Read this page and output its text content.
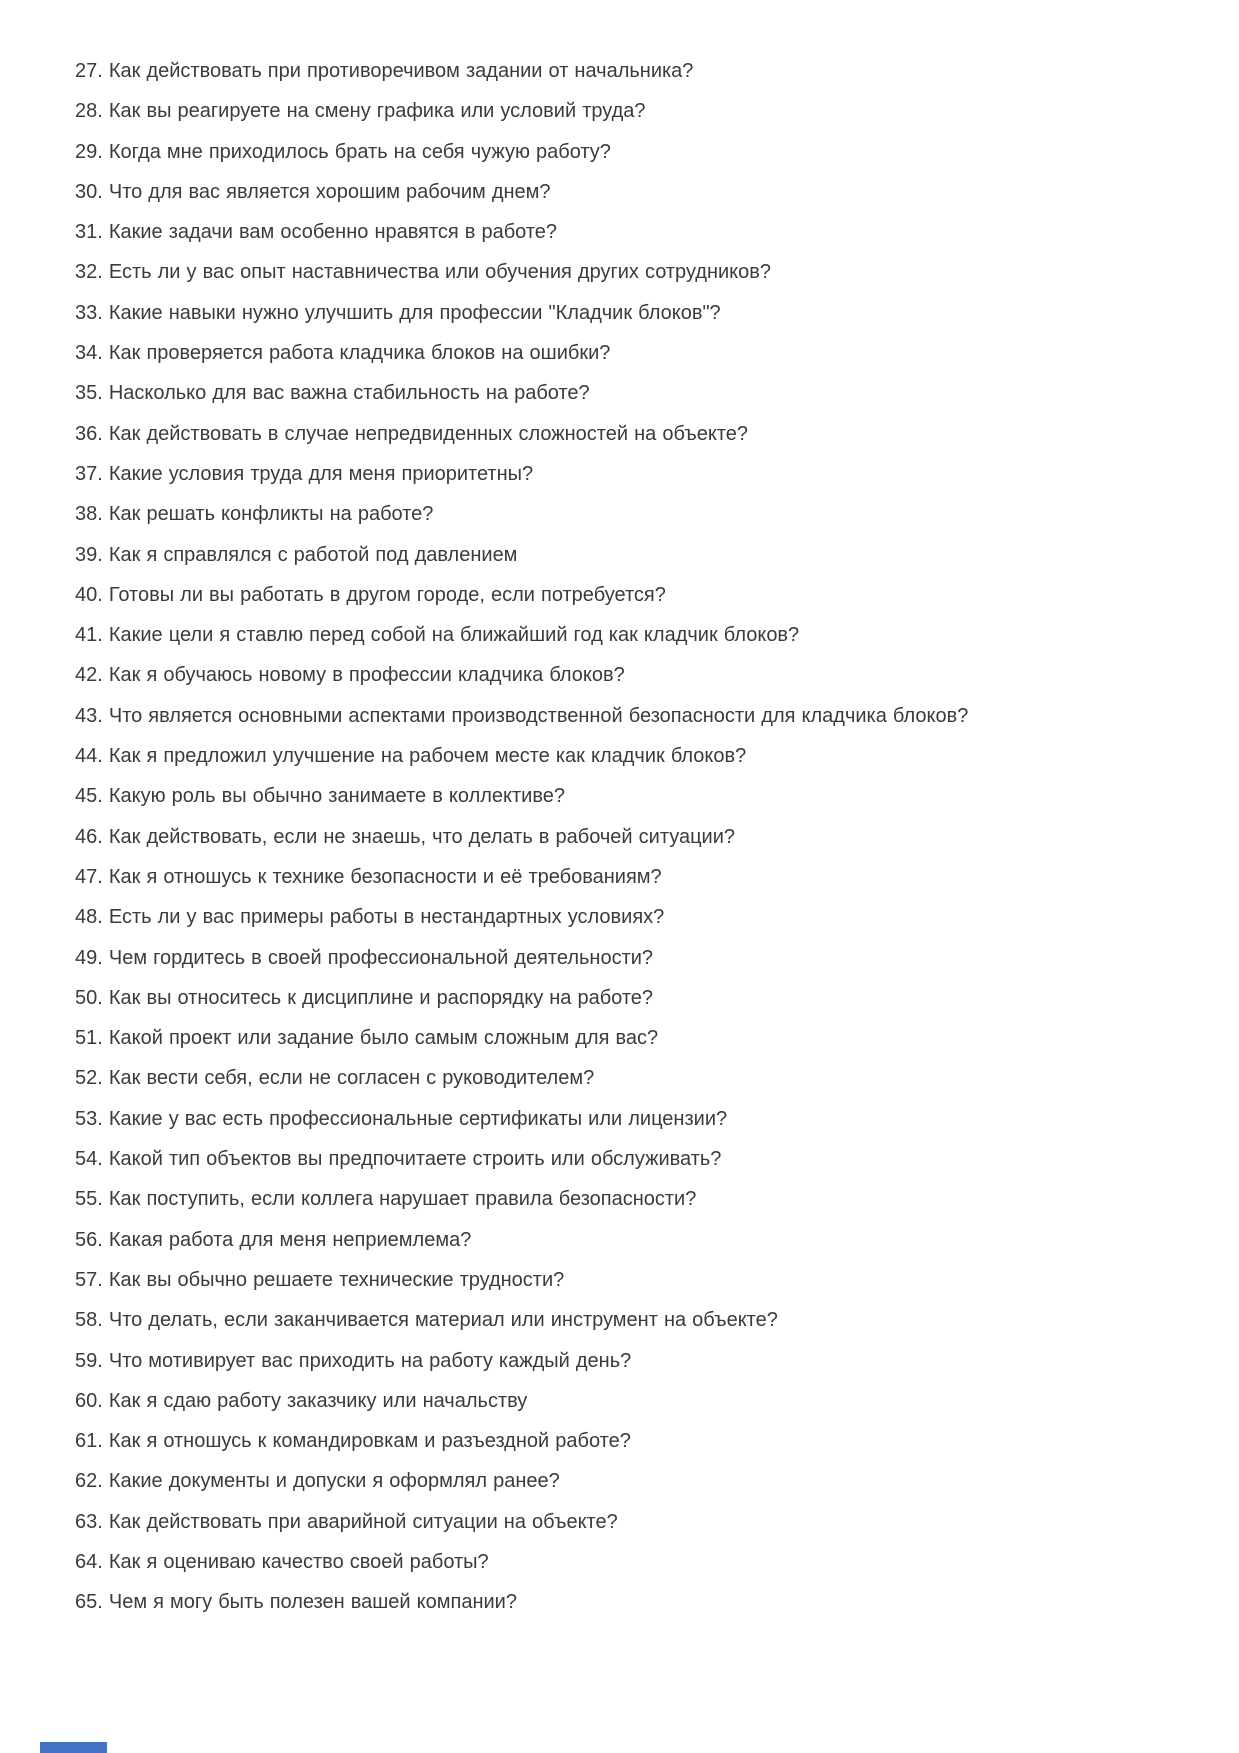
27. Как действовать при противоречивом задании от начальника?

28. Как вы реагируете на смену графика или условий труда?

29. Когда мне приходилось брать на себя чужую работу?

30. Что для вас является хорошим рабочим днем?

31. Какие задачи вам особенно нравятся в работе?

32. Есть ли у вас опыт наставничества или обучения других сотрудников?

33. Какие навыки нужно улучшить для профессии "Кладчик блоков"?

34. Как проверяется работа кладчика блоков на ошибки?

35. Насколько для вас важна стабильность на работе?

36. Как действовать в случае непредвиденных сложностей на объекте?

37. Какие условия труда для меня приоритетны?

38. Как решать конфликты на работе?

39. Как я справлялся с работой под давлением

40. Готовы ли вы работать в другом городе, если потребуется?

41. Какие цели я ставлю перед собой на ближайший год как кладчик блоков?

42. Как я обучаюсь новому в профессии кладчика блоков?

43. Что является основными аспектами производственной безопасности для кладчика блоков?

44. Как я предложил улучшение на рабочем месте как кладчик блоков?

45. Какую роль вы обычно занимаете в коллективе?

46. Как действовать, если не знаешь, что делать в рабочей ситуации?

47. Как я отношусь к технике безопасности и её требованиям?

48. Есть ли у вас примеры работы в нестандартных условиях?

49. Чем гордитесь в своей профессиональной деятельности?

50. Как вы относитесь к дисциплине и распорядку на работе?

51. Какой проект или задание было самым сложным для вас?

52. Как вести себя, если не согласен с руководителем?

53. Какие у вас есть профессиональные сертификаты или лицензии?

54. Какой тип объектов вы предпочитаете строить или обслуживать?

55. Как поступить, если коллега нарушает правила безопасности?

56. Какая работа для меня неприемлема?

57. Как вы обычно решаете технические трудности?

58. Что делать, если заканчивается материал или инструмент на объекте?

59. Что мотивирует вас приходить на работу каждый день?

60. Как я сдаю работу заказчику или начальству

61. Как я отношусь к командировкам и разъездной работе?

62. Какие документы и допуски я оформлял ранее?

63. Как действовать при аварийной ситуации на объекте?

64. Как я оцениваю качество своей работы?

65. Чем я могу быть полезен вашей компании?
